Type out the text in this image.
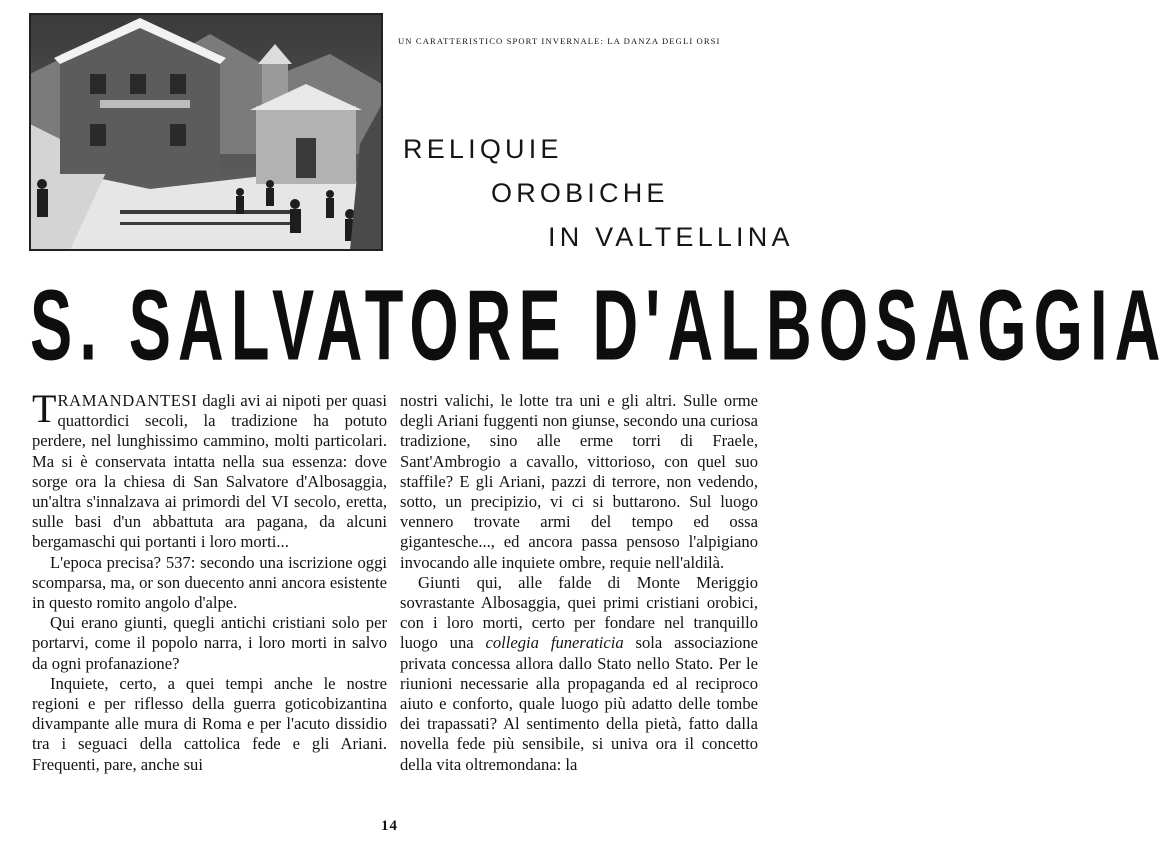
UN CARATTERISTICO SPORT INVERNALE: LA DANZA DEGLI ORSI
RELIQUIE
OROBICHE
IN VALTELLINA
S. SALVATORE D'ALBOSAGGIA

TRAMANDANTESI dagli avi ai nipoti per quasi quattordici secoli, la tradizione ha potuto perdere, nel lunghissimo cammino, molti particolari. Ma si è conservata intatta nella sua essenza: dove sorge ora la chiesa di San Salvatore d'Albosaggia, un'altra s'innalzava ai primordi del VI secolo, eretta, sulle basi d'un abbattuta ara pagana, da alcuni bergamaschi qui portanti i loro morti...

L'epoca precisa? 537: secondo una iscrizione oggi scomparsa, ma, or son duecento anni ancora esistente in questo romito angolo d'alpe.

Qui erano giunti, quegli antichi cristiani solo per portarvi, come il popolo narra, i loro morti in salvo da ogni profanazione?

Inquiete, certo, a quei tempi anche le nostre regioni e per riflesso della guerra goticobizantina divampante alle mura di Roma e per l'acuto dissidio tra i seguaci della cattolica fede e gli Ariani. Frequenti, pare, anche sui

nostri valichi, le lotte tra uni e gli altri. Sulle orme degli Ariani fuggenti non giunse, secondo una curiosa tradizione, sino alle erme torri di Fraele, Sant'Ambrogio a cavallo, vittorioso, con quel suo staffile? E gli Ariani, pazzi di terrore, non vedendo, sotto, un precipizio, vi ci si buttarono. Sul luogo vennero trovate armi del tempo ed ossa gigantesche..., ed ancora passa pensoso l'alpigiano invocando alle inquiete ombre, requie nell'aldilà.

Giunti qui, alle falde di Monte Meriggio sovrastante Albosaggia, quei primi cristiani orobici, con i loro morti, certo per fondare nel tranquillo luogo una collegia funeraticia sola associazione privata concessa allora dallo Stato nello Stato. Per le riunioni necessarie alla propaganda ed al reciproco aiuto e conforto, quale luogo più adatto delle tombe dei trapassati? Al sentimento della pietà, fatto dalla novella fede più sensibile, si univa ora il concetto della vita oltremondana: la

14
